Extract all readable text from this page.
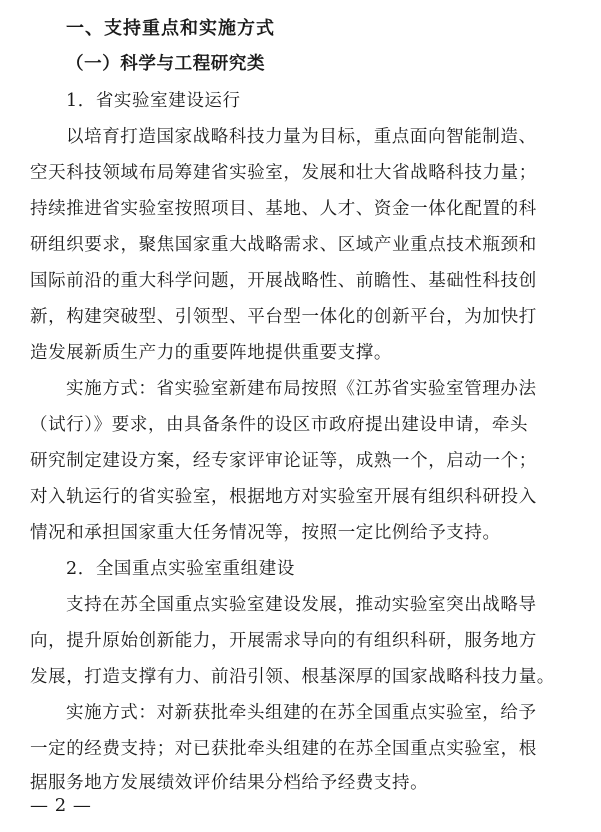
一、支持重点和实施方式
（一）科学与工程研究类
1．省实验室建设运行
以培育打造国家战略科技力量为目标，重点面向智能制造、
空天科技领域布局筹建省实验室，发展和壮大省战略科技力量；
持续推进省实验室按照项目、基地、人才、资金一体化配置的科
研组织要求，聚焦国家重大战略需求、区域产业重点技术瓶颈和
国际前沿的重大科学问题，开展战略性、前瞻性、基础性科技创
新，构建突破型、引领型、平台型一体化的创新平台，为加快打
造发展新质生产力的重要阵地提供重要支撑。
实施方式：省实验室新建布局按照《江苏省实验室管理办法
（试行）》要求，由具备条件的设区市政府提出建设申请，牵头
研究制定建设方案，经专家评审论证等，成熟一个，启动一个；
对入轨运行的省实验室，根据地方对实验室开展有组织科研投入
情况和承担国家重大任务情况等，按照一定比例给予支持。
2．全国重点实验室重组建设
支持在苏全国重点实验室建设发展，推动实验室突出战略导
向，提升原始创新能力，开展需求导向的有组织科研，服务地方
发展，打造支撑有力、前沿引领、根基深厚的国家战略科技力量。
实施方式：对新获批牵头组建的在苏全国重点实验室，给予
一定的经费支持；对已获批牵头组建的在苏全国重点实验室，根
据服务地方发展绩效评价结果分档给予经费支持。
— 2 —
